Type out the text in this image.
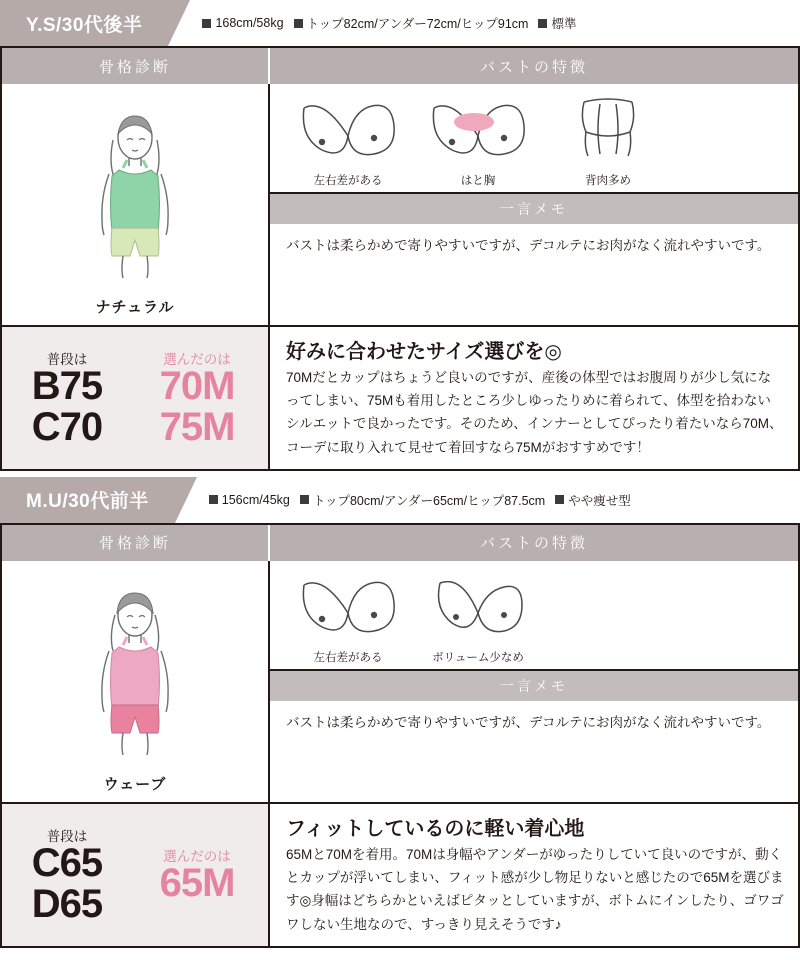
Y.S/30代後半	168cm/58kg トップ82cm/アンダー72cm/ヒップ91cm 標準
骨格診断	バストの特徴
ナチュラル
左右差がある	はと胸	背肉多め
一言メモ
バストは柔らかめで寄りやすいですが、デコルテにお肉がなく流れやすいです。
普段は
B75
C70
選んだのは
70M
75M
好みに合わせたサイズ選びを◎
70Mだとカップはちょうど良いのですが、産後の体型ではお腹周りが少し気になってしまい、75Mも着用したところ少しゆったりめに着られて、体型を拾わないシルエットで良かったです。そのため、インナーとしてぴったり着たいなら70M、コーデに取り入れて見せて着回すなら75Mがおすすめです！
M.U/30代前半	156cm/45kg トップ80cm/アンダー65cm/ヒップ87.5cm やや痩せ型
骨格診断	バストの特徴
ウェーブ
左右差がある	ボリューム少なめ
一言メモ
バストは柔らかめで寄りやすいですが、デコルテにお肉がなく流れやすいです。
普段は
C65
D65
選んだのは
65M
フィットしているのに軽い着心地
65Mと70Mを着用。70Mは身幅やアンダーがゆったりしていて良いのですが、動くとカップが浮いてしまい、フィット感が少し物足りないと感じたので65Mを選びます◎身幅はどちらかといえばピタッとしていますが、ボトムにインしたり、ゴワゴワしない生地なので、すっきり見えそうです♪
